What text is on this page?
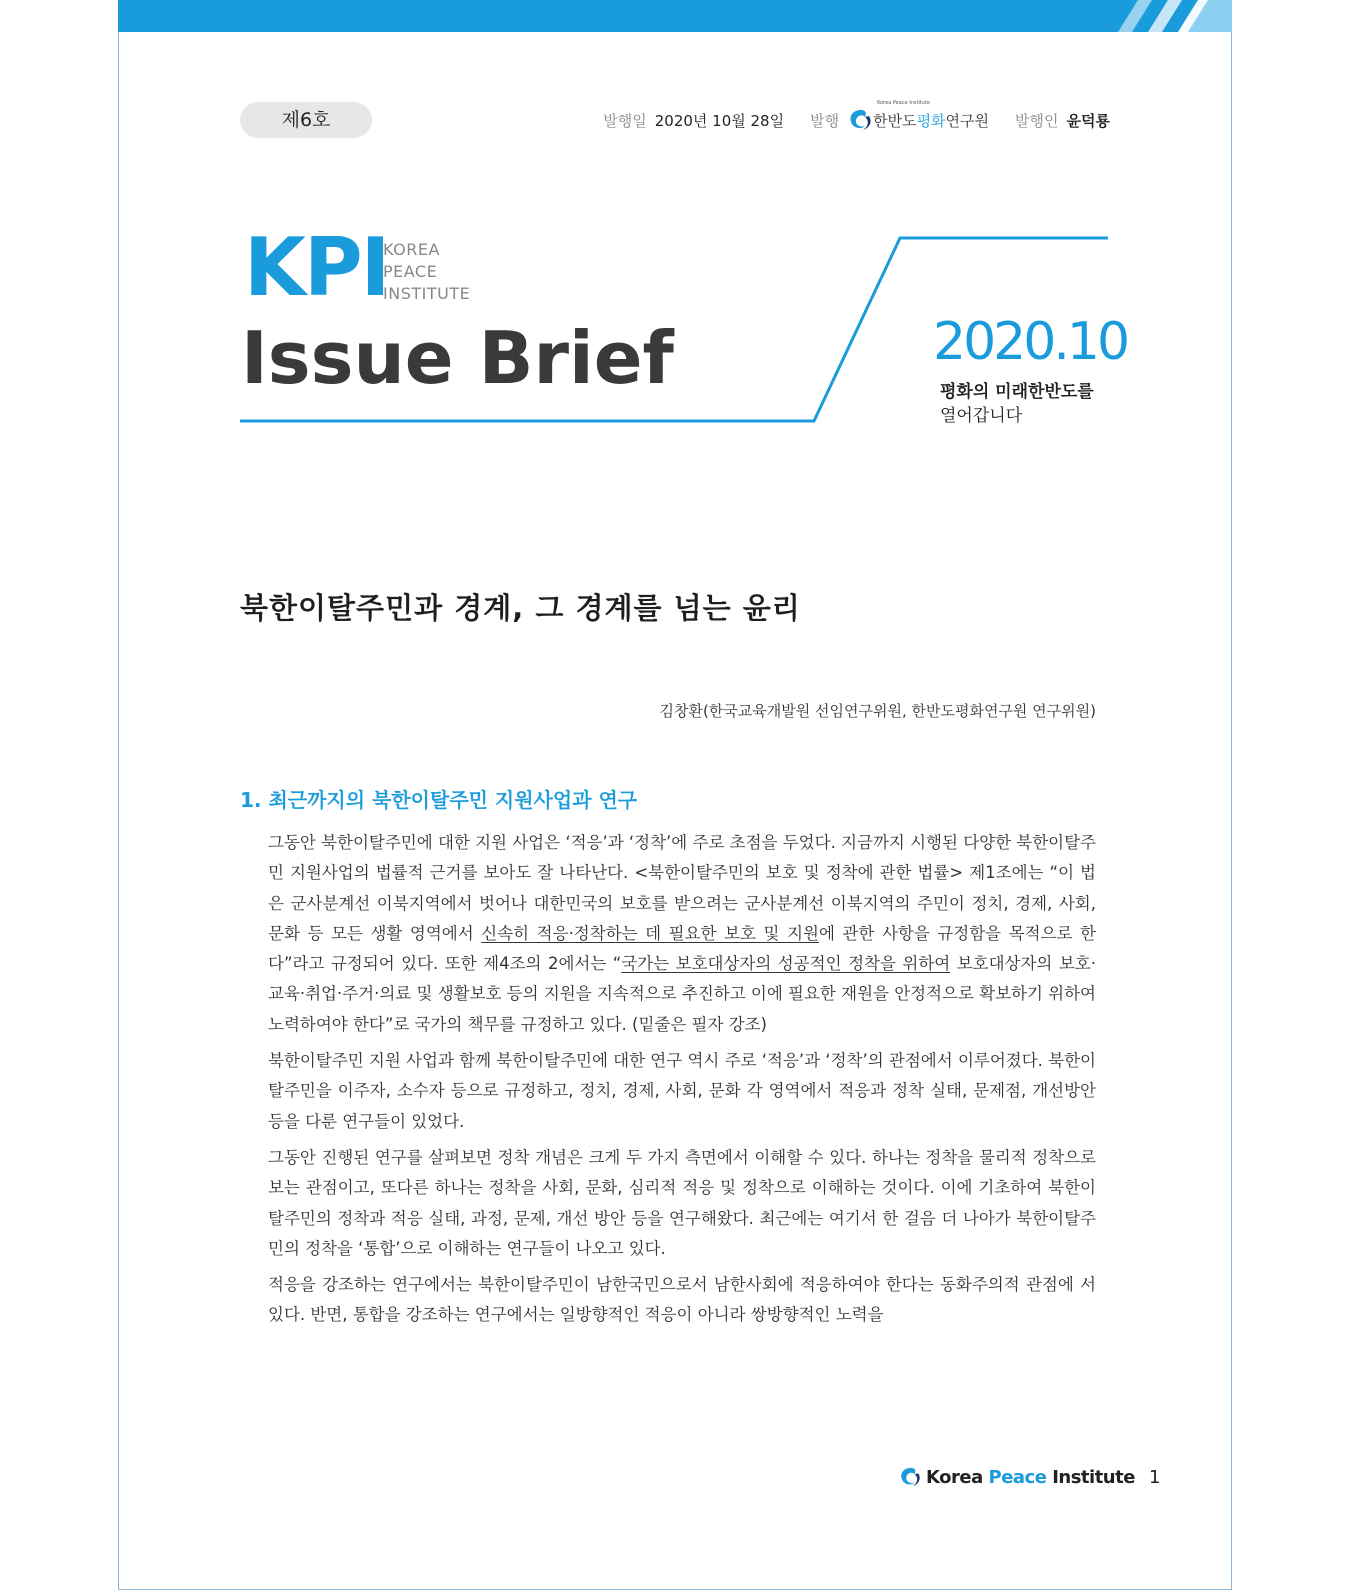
제6호	발행일 2020년 10월 28일 발행
Korea Peace Institute
한반도평화연구원 발행인 윤덕룡
KPI
KOREA
PEACE
INSTITUTE
Issue Brief	2020.10
평화의 미래한반도를
열어갑니다
북한이탈주민과 경계, 그 경계를 넘는 윤리
김창환(한국교육개발원 선임연구위원, 한반도평화연구원 연구위원)
1. 최근까지의 북한이탈주민 지원사업과 연구

그동안 북한이탈주민에 대한 지원 사업은 ‘적응’과 ‘정착’에 주로 초점을 두었다. 지금까지 시행된 다양한 북한이탈주민 지원사업의 법률적 근거를 보아도 잘 나타난다. <북한이탈주민의 보호 및 정착에 관한 법률> 제1조에는 “이 법은 군사분계선 이북지역에서 벗어나 대한민국의 보호를 받으려는 군사분계선 이북지역의 주민이 정치, 경제, 사회, 문화 등 모든 생활 영역에서 신속히 적응·정착하는 데 필요한 보호 및 지원에 관한 사항을 규정함을 목적으로 한다”라고 규정되어 있다. 또한 제4조의 2에서는 “국가는 보호대상자의 성공적인 정착을 위하여 보호대상자의 보호·교육·취업·주거·의료 및 생활보호 등의 지원을 지속적으로 추진하고 이에 필요한 재원을 안정적으로 확보하기 위하여 노력하여야 한다”로 국가의 책무를 규정하고 있다. (밑줄은 필자 강조)

북한이탈주민 지원 사업과 함께 북한이탈주민에 대한 연구 역시 주로 ‘적응’과 ‘정착’의 관점에서 이루어졌다. 북한이탈주민을 이주자, 소수자 등으로 규정하고, 정치, 경제, 사회, 문화 각 영역에서 적응과 정착 실태, 문제점, 개선방안 등을 다룬 연구들이 있었다.

그동안 진행된 연구를 살펴보면 정착 개념은 크게 두 가지 측면에서 이해할 수 있다. 하나는 정착을 물리적 정착으로 보는 관점이고, 또다른 하나는 정착을 사회, 문화, 심리적 적응 및 정착으로 이해하는 것이다. 이에 기초하여 북한이탈주민의 정착과 적응 실태, 과정, 문제, 개선 방안 등을 연구해왔다. 최근에는 여기서 한 걸음 더 나아가 북한이탈주민의 정착을 ‘통합’으로 이해하는 연구들이 나오고 있다.

적응을 강조하는 연구에서는 북한이탈주민이 남한국민으로서 남한사회에 적응하여야 한다는 동화주의적 관점에 서 있다. 반면, 통합을 강조하는 연구에서는 일방향적인 적응이 아니라 쌍방향적인 노력을

Korea Peace Institute 1
